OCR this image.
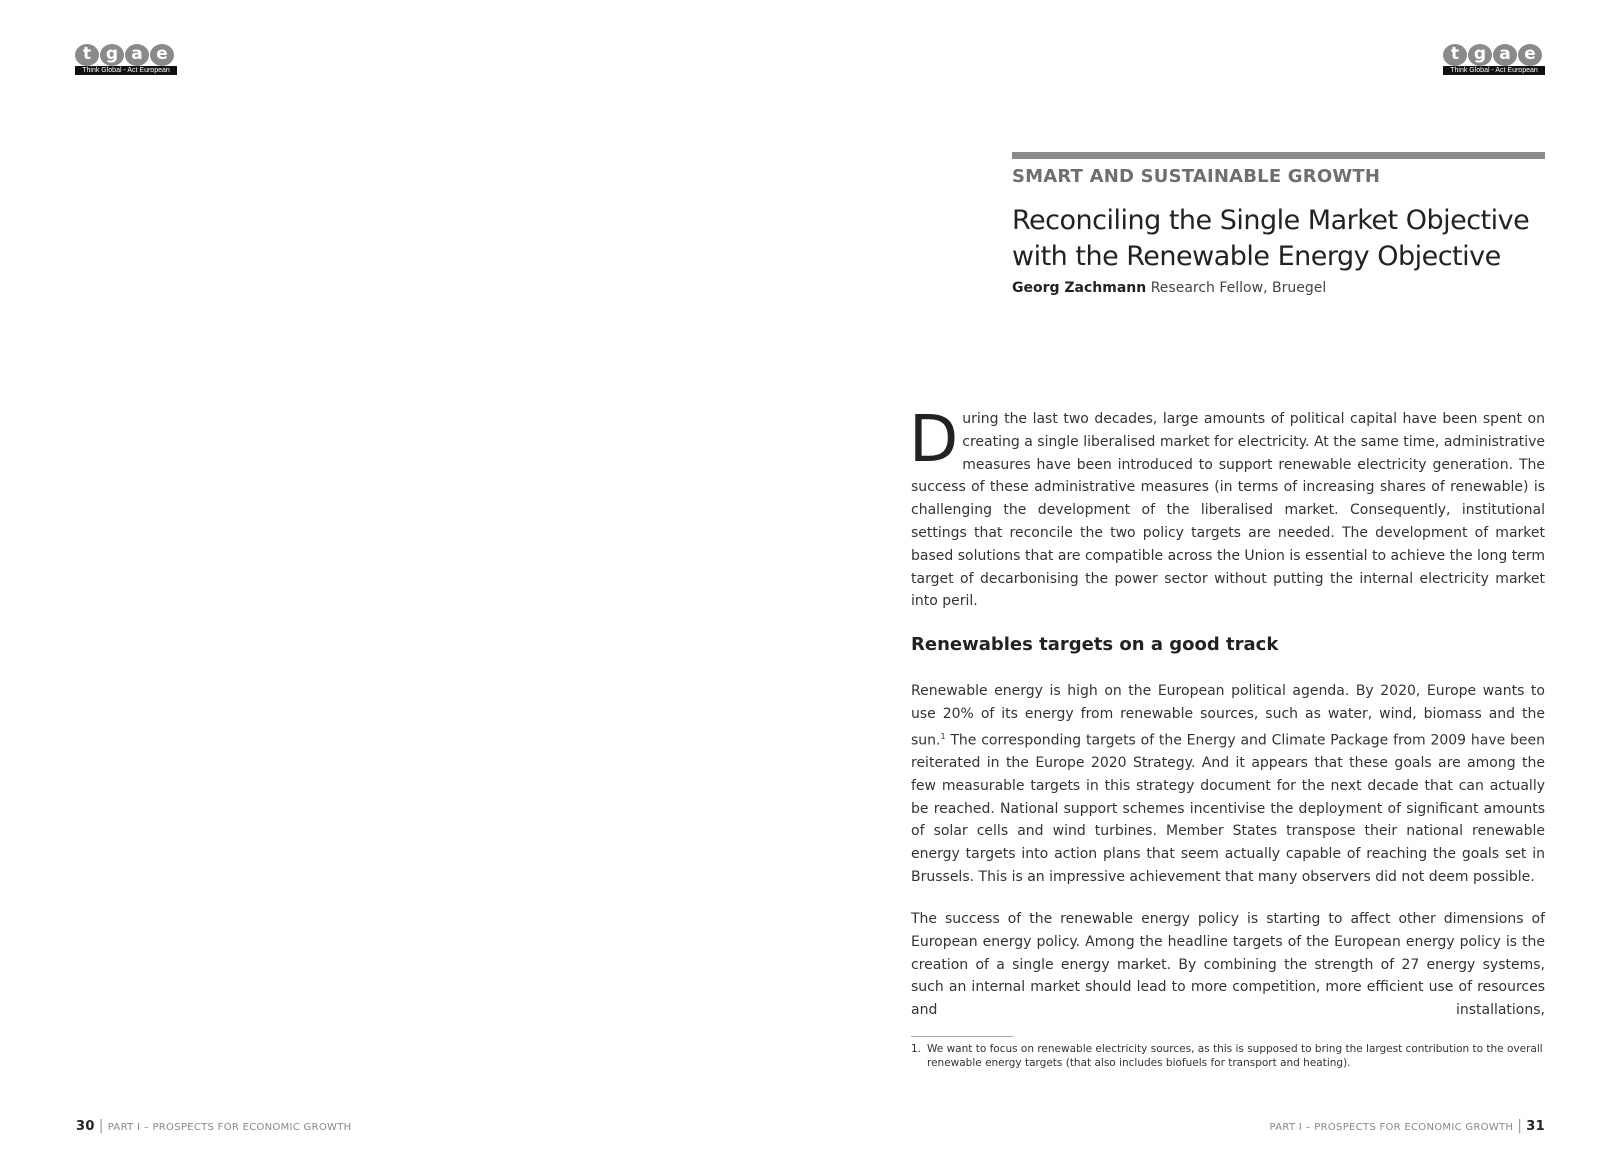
t g a e
Think Global - Act European
t g a e
Think Global - Act European
SMART AND SUSTAINABLE GROWTH
Reconciling the Single Market Objective with the Renewable Energy Objective
Georg Zachmann Research Fellow, Bruegel

During the last two decades, large amounts of political capital have been spent on creating a single liberalised market for electricity. At the same time, administrative measures have been introduced to support renewable electricity generation. The success of these administrative measures (in terms of increasing shares of renewable) is challenging the development of the liberalised market. Consequently, institutional settings that reconcile the two policy targets are needed. The development of market based solutions that are compatible across the Union is essential to achieve the long term target of decarbonising the power sector without putting the internal electricity market into peril.

Renewables targets on a good track

Renewable energy is high on the European political agenda. By 2020, Europe wants to use 20% of its energy from renewable sources, such as water, wind, biomass and the sun.$^1$ The corresponding targets of the Energy and Climate Package from 2009 have been reiterated in the Europe 2020 Strategy. And it appears that these goals are among the few measurable targets in this strategy document for the next decade that can actually be reached. National support schemes incentivise the deployment of significant amounts of solar cells and wind turbines. Member States transpose their national renewable energy targets into action plans that seem actually capable of reaching the goals set in Brussels. This is an impressive achievement that many observers did not deem possible.

The success of the renewable energy policy is starting to affect other dimensions of European energy policy. Among the headline targets of the European energy policy is the creation of a single energy market. By combining the strength of 27 energy systems, such an internal market should lead to more competition, more efficient use of resources and installations,

1. We want to focus on renewable electricity sources, as this is supposed to bring the largest contribution to the overall renewable energy targets (that also includes biofuels for transport and heating).
30 | PART I – PROSPECTS FOR ECONOMIC GROWTH	PART I – PROSPECTS FOR ECONOMIC GROWTH | 31
